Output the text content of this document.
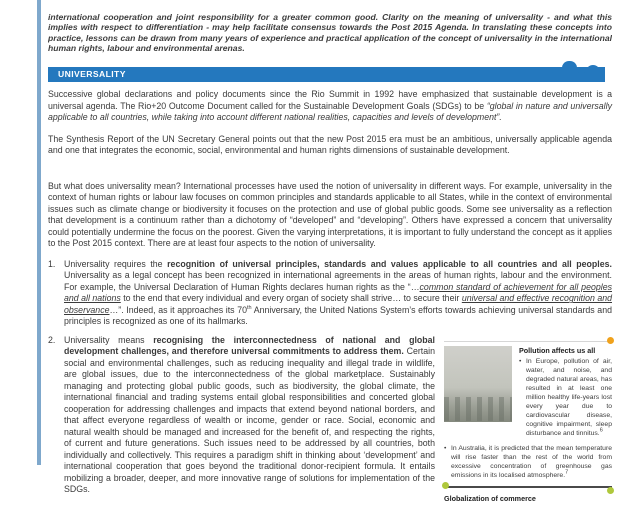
international cooperation and joint responsibility for a greater common good. Clarity on the meaning of universality - and what this implies with respect to differentiation - may help facilitate consensus towards the Post 2015 Agenda. In translating these concepts into practice, lessons can be drawn from many years of experience and practical application of the concept of universality in the international human rights, labour and environmental arenas.

UNIVERSALITY

Successive global declarations and policy documents since the Rio Summit in 1992 have emphasized that sustainable development is a universal agenda. The Rio+20 Outcome Document called for the Sustainable Development Goals (SDGs) to be “global in nature and universally applicable to all countries, while taking into account different national realities, capacities and levels of development”.

The Synthesis Report of the UN Secretary General points out that the new Post 2015 era must be an ambitious, universally applicable agenda and one that integrates the economic, social, environmental and human rights dimensions of sustainable development.

But what does universality mean? International processes have used the notion of universality in different ways. For example, universality in the context of human rights or labour law focuses on common principles and standards applicable to all States, while in the context of environmental issues such as climate change or biodiversity it focuses on the protection and use of global public goods. Some see universality as a reflection that development is a continuum rather than a dichotomy of “developed” and “developing”. Others have expressed a concern that universality could potentially undermine the focus on the poorest. Given the varying interpretations, it is important to fully understand the concept as it applies to the Post 2015 context. There are at least four aspects to the notion of universality.

1. Universality requires the recognition of universal principles, standards and values applicable to all countries and all peoples. Universality as a legal concept has been recognized in international agreements in the areas of human rights, labour and the environment. For example, the Universal Declaration of Human Rights declares human rights as the “…common standard of achievement for all peoples and all nations to the end that every individual and every organ of society shall strive… to secure their universal and effective recognition and observance…”. Indeed, as it approaches its 70th Anniversary, the United Nations System’s efforts towards achieving universal standards and principles is recognized as one of its hallmarks.
2.
Pollution affects us all
• In Europe, pollution of air, water, and noise, and degraded natural areas, has resulted in at least one million healthy life-years lost every year due to cardiovascular disease, cognitive impairment, sleep disturbance and tinnitus.$^6$
• In Australia, it is predicted that the mean temperature will rise faster than the rest of the world from excessive concentration of greenhouse gas emissions in its localised atmosphere.$^7$
Globalization of commerce
Universality means recognising the interconnectedness of national and global development challenges, and therefore universal commitments to address them. Certain social and environmental challenges, such as reducing inequality and illegal trade in wildlife, are global issues, due to the interconnectedness of the global marketplace. Sustainably managing and protecting global public goods, such as biodiversity, the global climate, the international financial and trading systems entail global responsibilities and concerted global cooperation for addressing challenges and impacts that extend beyond national borders, and that affect everyone regardless of wealth or income, gender or race. Social, economic and natural wealth should be managed and increased for the benefit of, and respecting the rights, of current and future generations. Such issues need to be addressed by all countries, both individually and collectively. This requires a paradigm shift in thinking about ‘development’ and international cooperation that goes beyond the traditional donor-recipient formula. It entails mobilizing a broader, deeper, and more innovative range of solutions for implementation of the SDGs.
